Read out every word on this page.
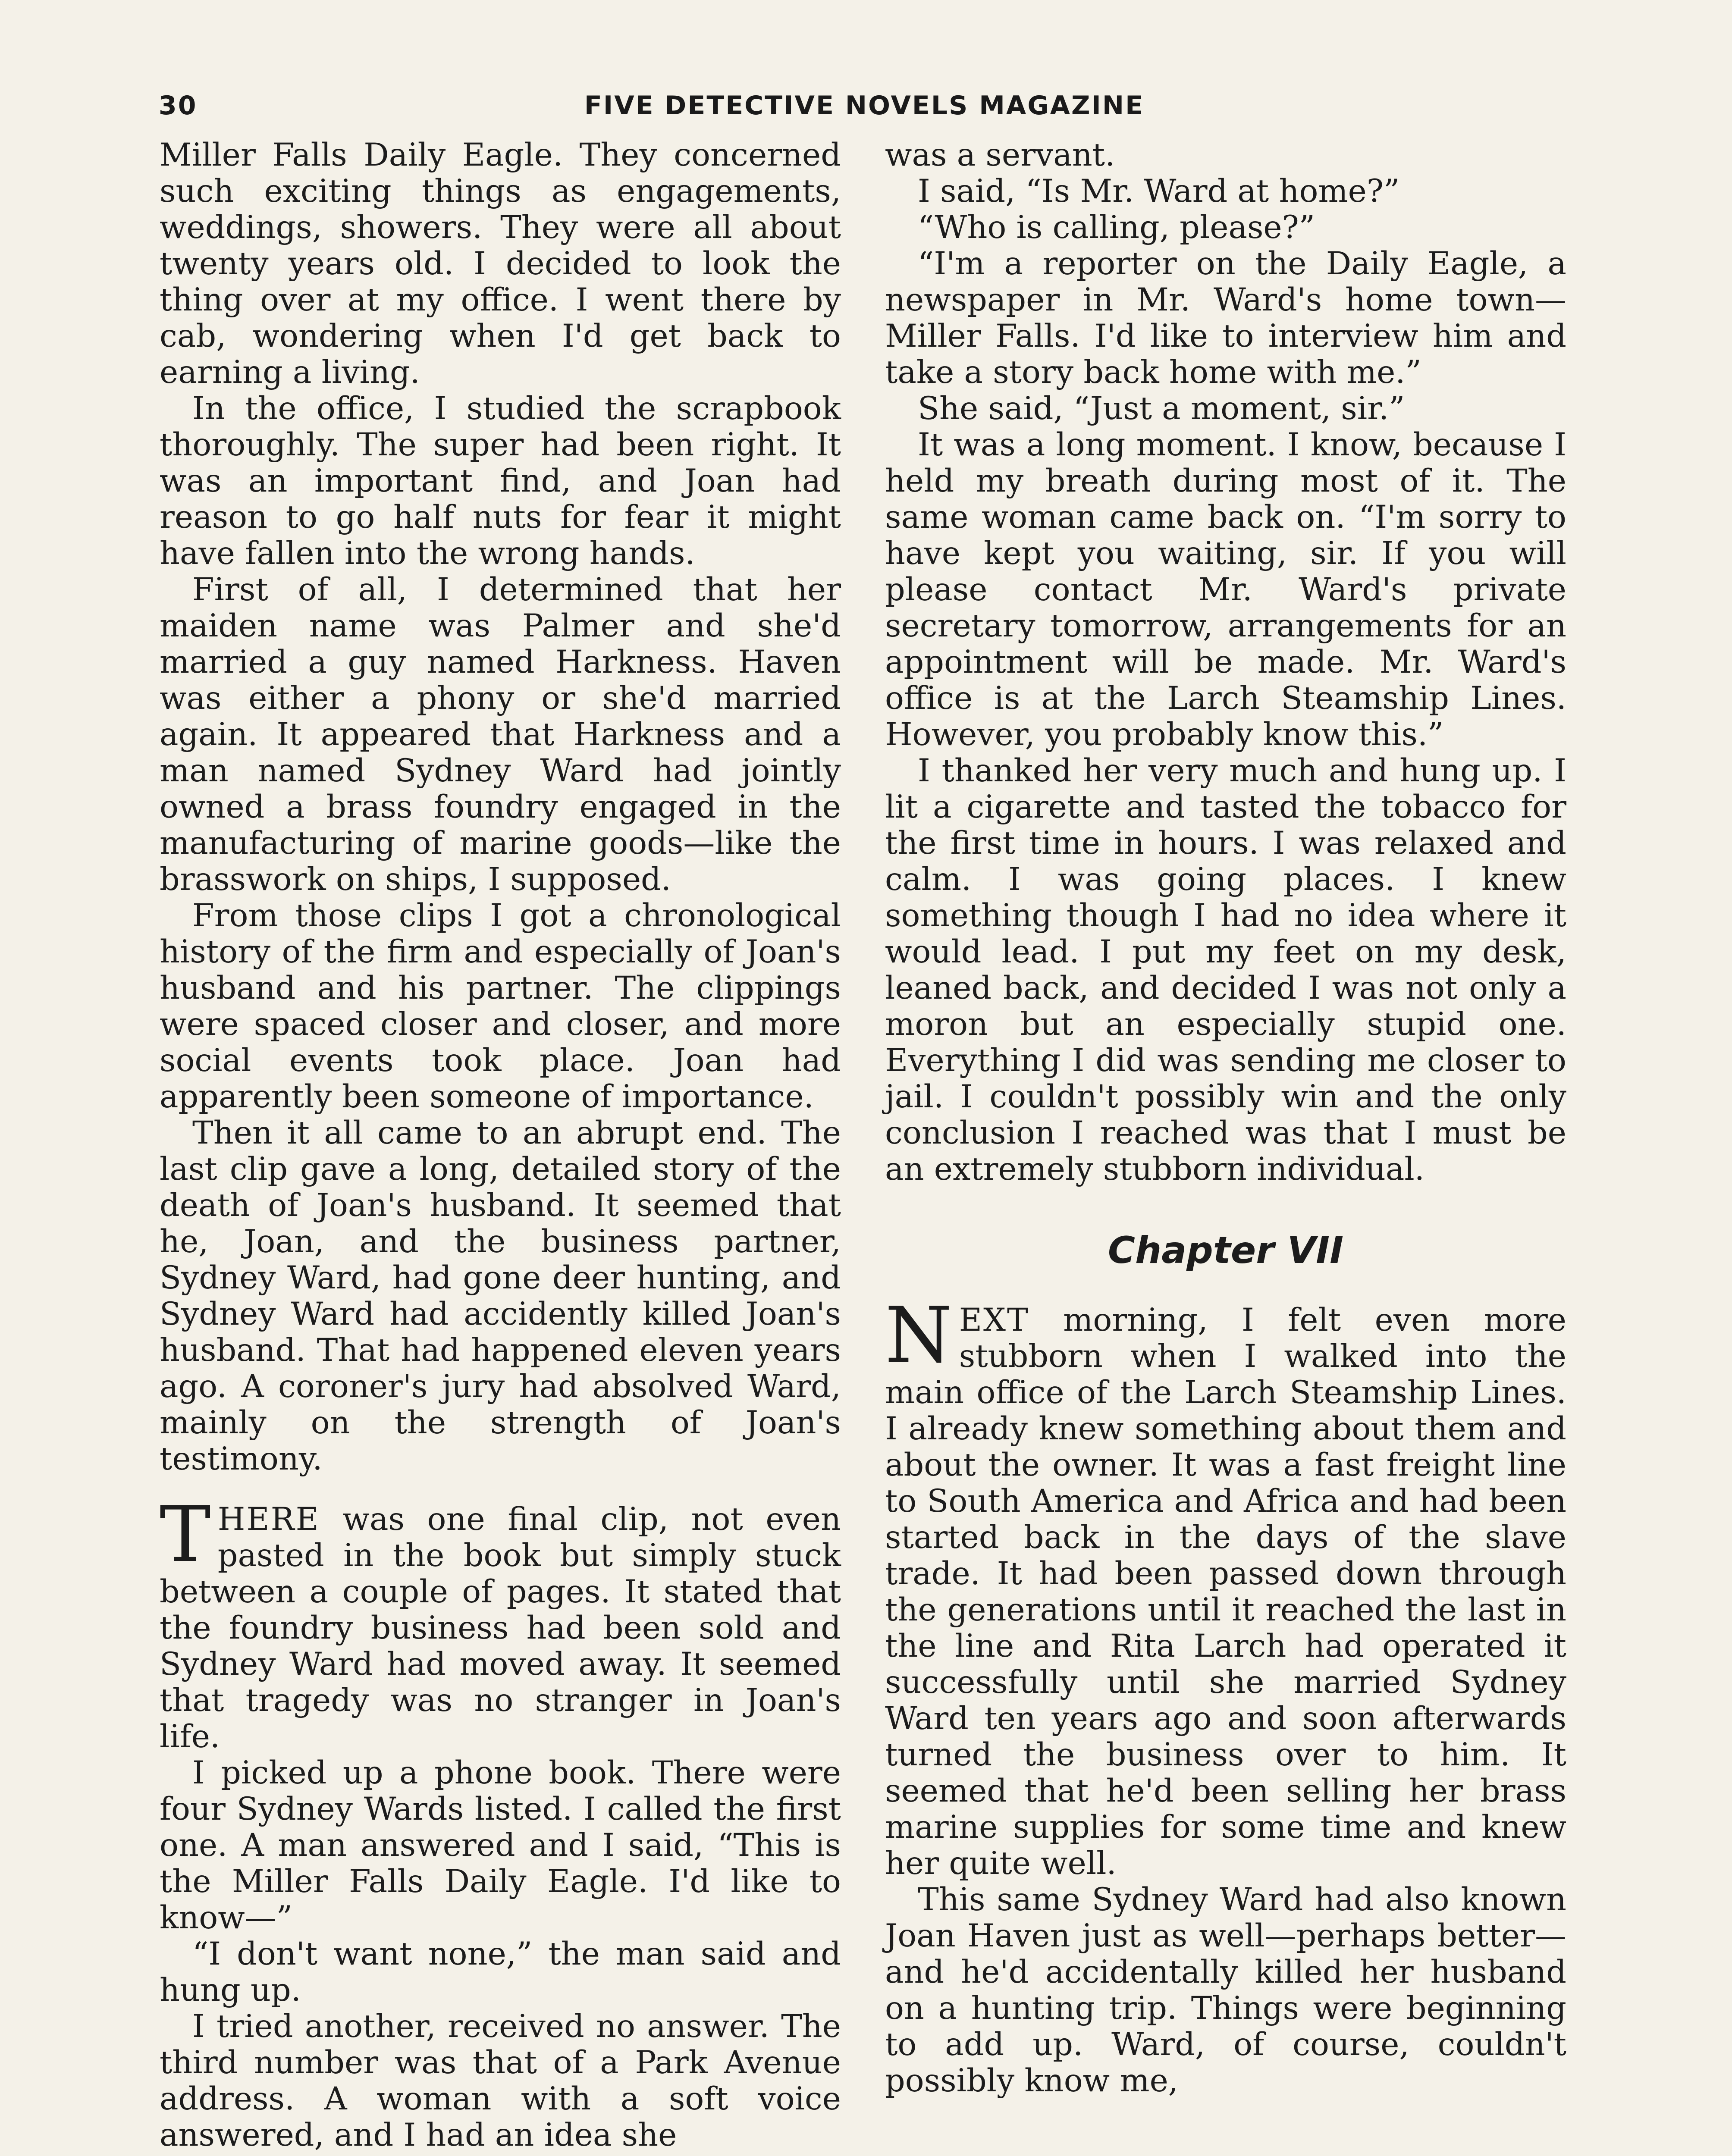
30	FIVE DETECTIVE NOVELS MAGAZINE

Miller Falls Daily Eagle. They concerned such exciting things as engagements, weddings, showers. They were all about twenty years old. I decided to look the thing over at my office. I went there by cab, wondering when I'd get back to earning a living.

In the office, I studied the scrapbook thoroughly. The super had been right. It was an important find, and Joan had reason to go half nuts for fear it might have fallen into the wrong hands.

First of all, I determined that her maiden name was Palmer and she'd married a guy named Harkness. Haven was either a phony or she'd married again. It appeared that Harkness and a man named Sydney Ward had jointly owned a brass foundry engaged in the manufacturing of marine goods—like the brasswork on ships, I supposed.

From those clips I got a chronological history of the firm and especially of Joan's husband and his partner. The clippings were spaced closer and closer, and more social events took place. Joan had apparently been someone of importance.

Then it all came to an abrupt end. The last clip gave a long, detailed story of the death of Joan's husband. It seemed that he, Joan, and the business partner, Sydney Ward, had gone deer hunting, and Sydney Ward had accidently killed Joan's husband. That had happened eleven years ago. A coroner's jury had absolved Ward, mainly on the strength of Joan's testimony.

THERE was one final clip, not even pasted in the book but simply stuck between a couple of pages. It stated that the foundry business had been sold and Sydney Ward had moved away. It seemed that tragedy was no stranger in Joan's life.

I picked up a phone book. There were four Sydney Wards listed. I called the first one. A man answered and I said, “This is the Miller Falls Daily Eagle. I'd like to know—”

“I don't want none,” the man said and hung up.

I tried another, received no answer. The third number was that of a Park Avenue address. A woman with a soft voice answered, and I had an idea she

was a servant.

I said, “Is Mr. Ward at home?”

“Who is calling, please?”

“I'm a reporter on the Daily Eagle, a newspaper in Mr. Ward's home town—Miller Falls. I'd like to interview him and take a story back home with me.”

She said, “Just a moment, sir.”

It was a long moment. I know, because I held my breath during most of it. The same woman came back on. “I'm sorry to have kept you waiting, sir. If you will please contact Mr. Ward's private secretary tomorrow, arrangements for an appointment will be made. Mr. Ward's office is at the Larch Steamship Lines. However, you probably know this.”

I thanked her very much and hung up. I lit a cigarette and tasted the tobacco for the first time in hours. I was relaxed and calm. I was going places. I knew something though I had no idea where it would lead. I put my feet on my desk, leaned back, and decided I was not only a moron but an especially stupid one. Everything I did was sending me closer to jail. I couldn't possibly win and the only conclusion I reached was that I must be an extremely stubborn individual.

Chapter VII

NEXT morning, I felt even more stubborn when I walked into the main office of the Larch Steamship Lines. I already knew something about them and about the owner. It was a fast freight line to South America and Africa and had been started back in the days of the slave trade. It had been passed down through the generations until it reached the last in the line and Rita Larch had operated it successfully until she married Sydney Ward ten years ago and soon afterwards turned the business over to him. It seemed that he'd been selling her brass marine supplies for some time and knew her quite well.

This same Sydney Ward had also known Joan Haven just as well—perhaps better—and he'd accidentally killed her husband on a hunting trip. Things were beginning to add up. Ward, of course, couldn't possibly know me,
